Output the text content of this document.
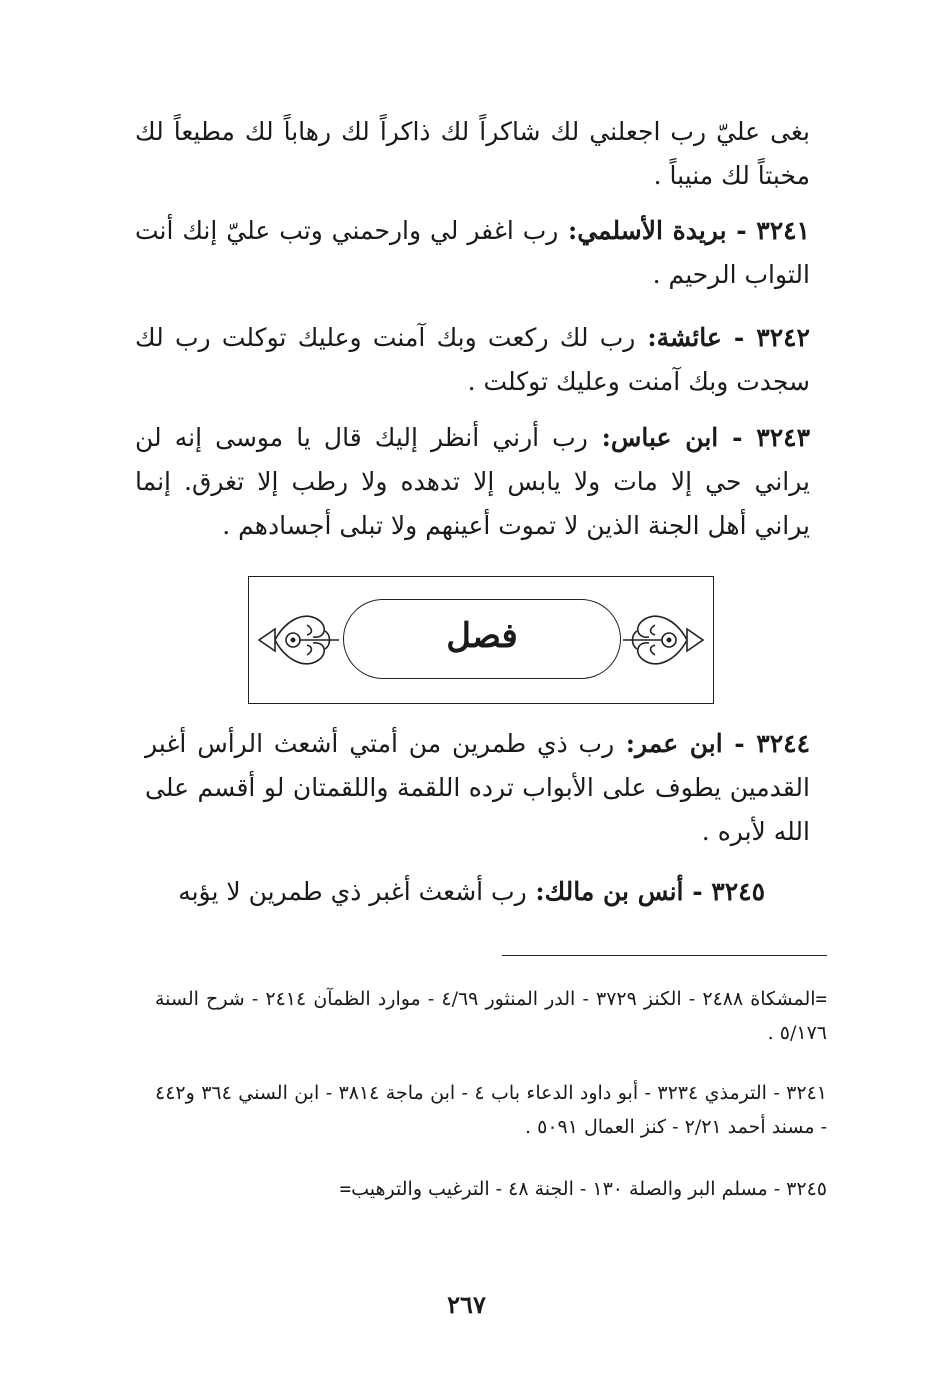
بغى عليّ رب اجعلني لك شاكراً لك ذاكراً لك رهاباً لك مطيعاً لك مخبتاً لك منيباً .
٣٢٤١ - بريدة الأسلمي: رب اغفر لي وارحمني وتب عليّ إنك أنت التواب الرحيم .
٣٢٤٢ - عائشة: رب لك ركعت وبك آمنت وعليك توكلت رب لك سجدت وبك آمنت وعليك توكلت .
٣٢٤٣ - ابن عباس: رب أرني أنظر إليك قال يا موسى إنه لن يراني حي إلا مات ولا يابس إلا تدهده ولا رطب إلا تغرق. إنما يراني أهل الجنة الذين لا تموت أعينهم ولا تبلى أجسادهم .
فصل
٣٢٤٤ - ابن عمر: رب ذي طمرين من أمتي أشعث الرأس أغبر القدمين يطوف على الأبواب ترده اللقمة واللقمتان لو أقسم على الله لأبره .
٣٢٤٥ - أنس بن مالك: رب أشعث أغبر ذي طمرين لا يؤبه
=المشكاة ٢٤٨٨ - الكنز ٣٧٢٩ - الدر المنثور ٤/٦٩ - موارد الظمآن ٢٤١٤ - شرح السنة ٥/١٧٦ .
٣٢٤١ - الترمذي ٣٢٣٤ - أبو داود الدعاء باب ٤ - ابن ماجة ٣٨١٤ - ابن السني ٣٦٤ و٤٤٢ - مسند أحمد ٢/٢١ - كنز العمال ٥٠٩١ .
٣٢٤٥ - مسلم البر والصلة ١٣٠ - الجنة ٤٨ - الترغيب والترهيب=
٢٦٧
